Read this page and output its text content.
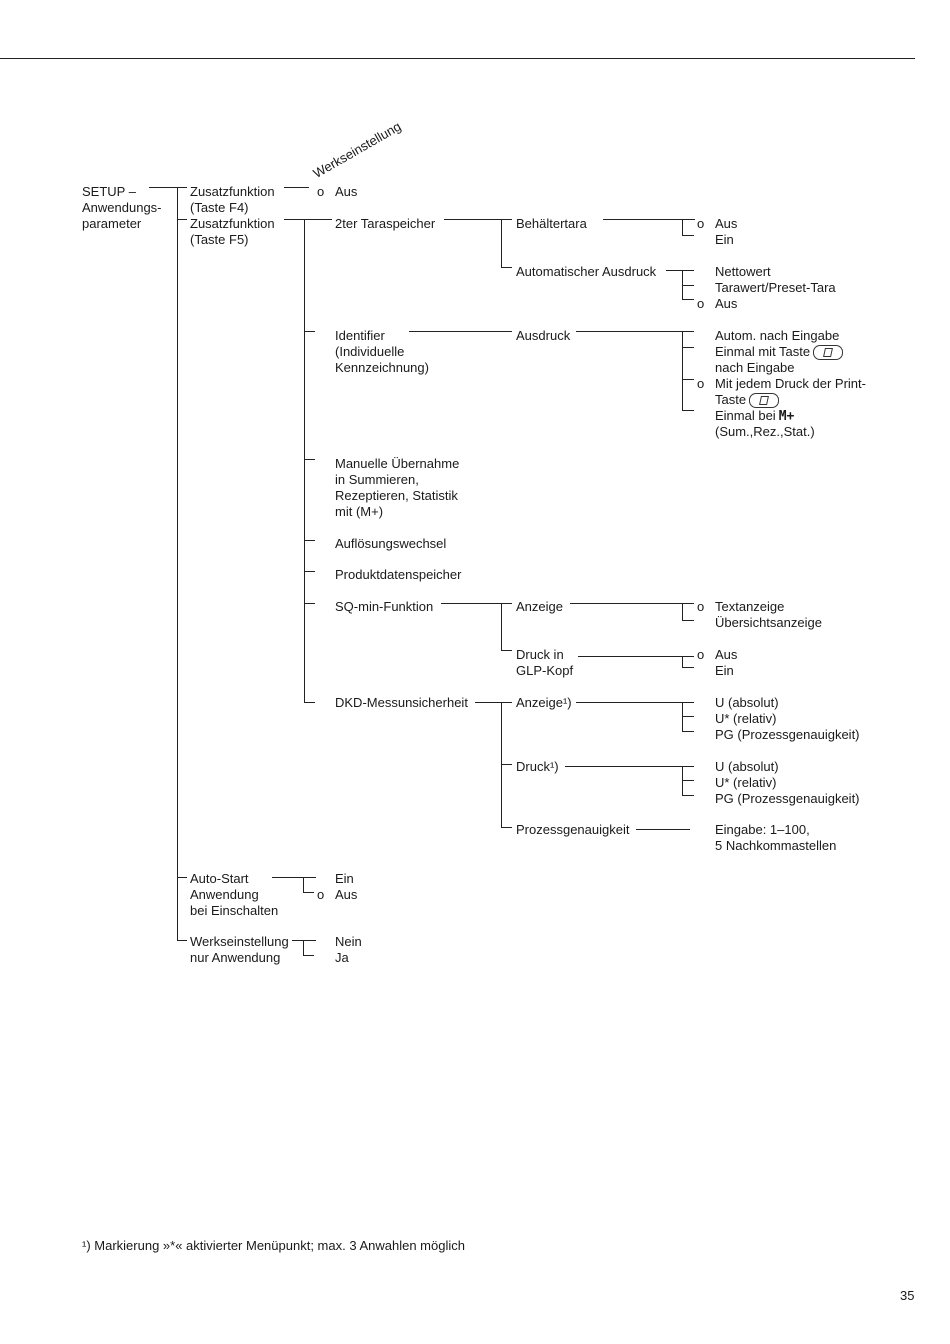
Werkseinstellung
SETUP –
Anwendungs-
parameter
Zusatzfunktion
(Taste F4)
Zusatzfunktion
(Taste F5)
Auto-Start
Anwendung
bei Einschalten
Werkseinstellung
nur Anwendung
o
o
o
o
o
o
o
Aus
2ter Taraspeicher
Identifier
(Individuelle
Kennzeichnung)
Manuelle Übernahme
in Summieren,
Rezeptieren, Statistik
mit (M+)
Auflösungswechsel
Produktdatenspeicher
SQ-min-Funktion
DKD-Messunsicherheit
Ein
Aus
Nein
Ja
Behältertara
Automatischer Ausdruck
Ausdruck
Anzeige
Druck in
GLP-Kopf
Anzeige¹)
Druck¹)
Prozessgenauigkeit
Aus
Ein
Nettowert
Tarawert/Preset-Tara
Aus
Autom. nach Eingabe
Einmal mit Taste
nach Eingabe
Mit jedem Druck der Print-
Taste
Einmal bei M+
(Sum.,Rez.,Stat.)
Textanzeige
Übersichtsanzeige
Aus
Ein
U (absolut)
U* (relativ)
PG (Prozessgenauigkeit)
U (absolut)
U* (relativ)
PG (Prozessgenauigkeit)
Eingabe: 1–100,
5 Nachkommastellen
¹) Markierung »*« aktivierter Menüpunkt; max. 3 Anwahlen möglich
35
